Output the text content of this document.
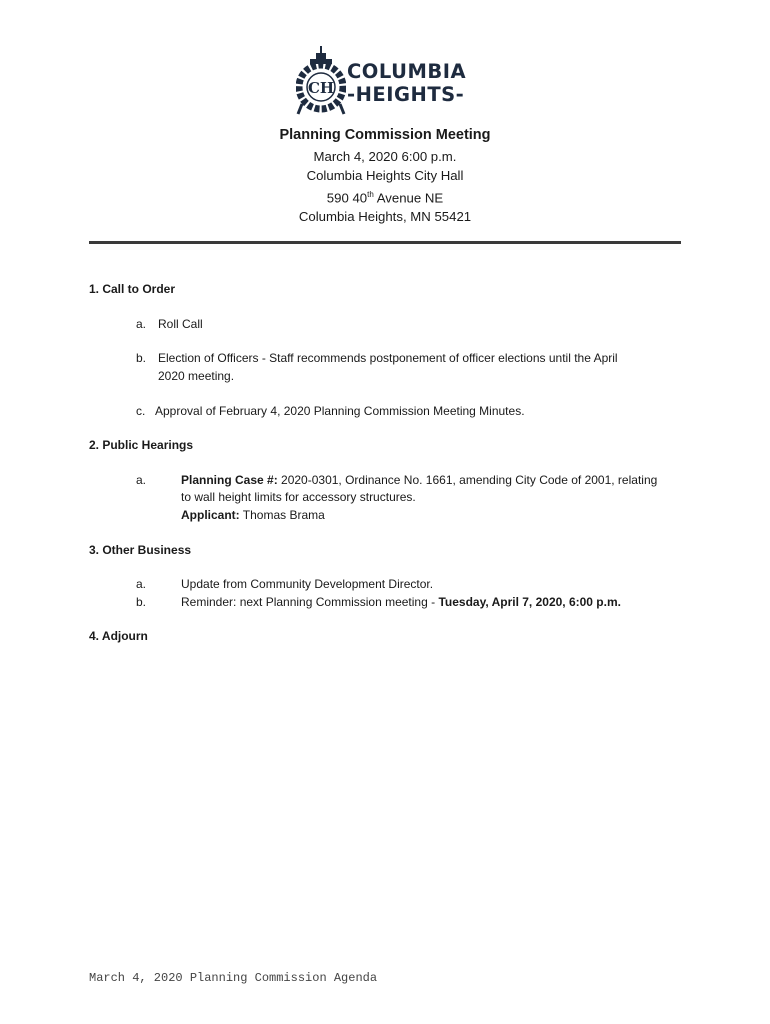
CH
COLUMBIA
-HEIGHTS-
Planning Commission Meeting
March 4, 2020 6:00 p.m.
Columbia Heights City Hall
590 40th Avenue NE
Columbia Heights, MN 55421
1. Call to Order
a. Roll Call
b. Election of Officers - Staff recommends postponement of officer elections until the April
2020 meeting.
c. Approval of February 4, 2020 Planning Commission Meeting Minutes.
2. Public Hearings
a.	Planning Case #: 2020-0301, Ordinance No. 1661, amending City Code of 2001, relating
to wall height limits for accessory structures.
Applicant: Thomas Brama
3. Other Business
a.	Update from Community Development Director.
b.	Reminder: next Planning Commission meeting - Tuesday, April 7, 2020, 6:00 p.m.
4. Adjourn
March 4, 2020 Planning Commission Agenda
